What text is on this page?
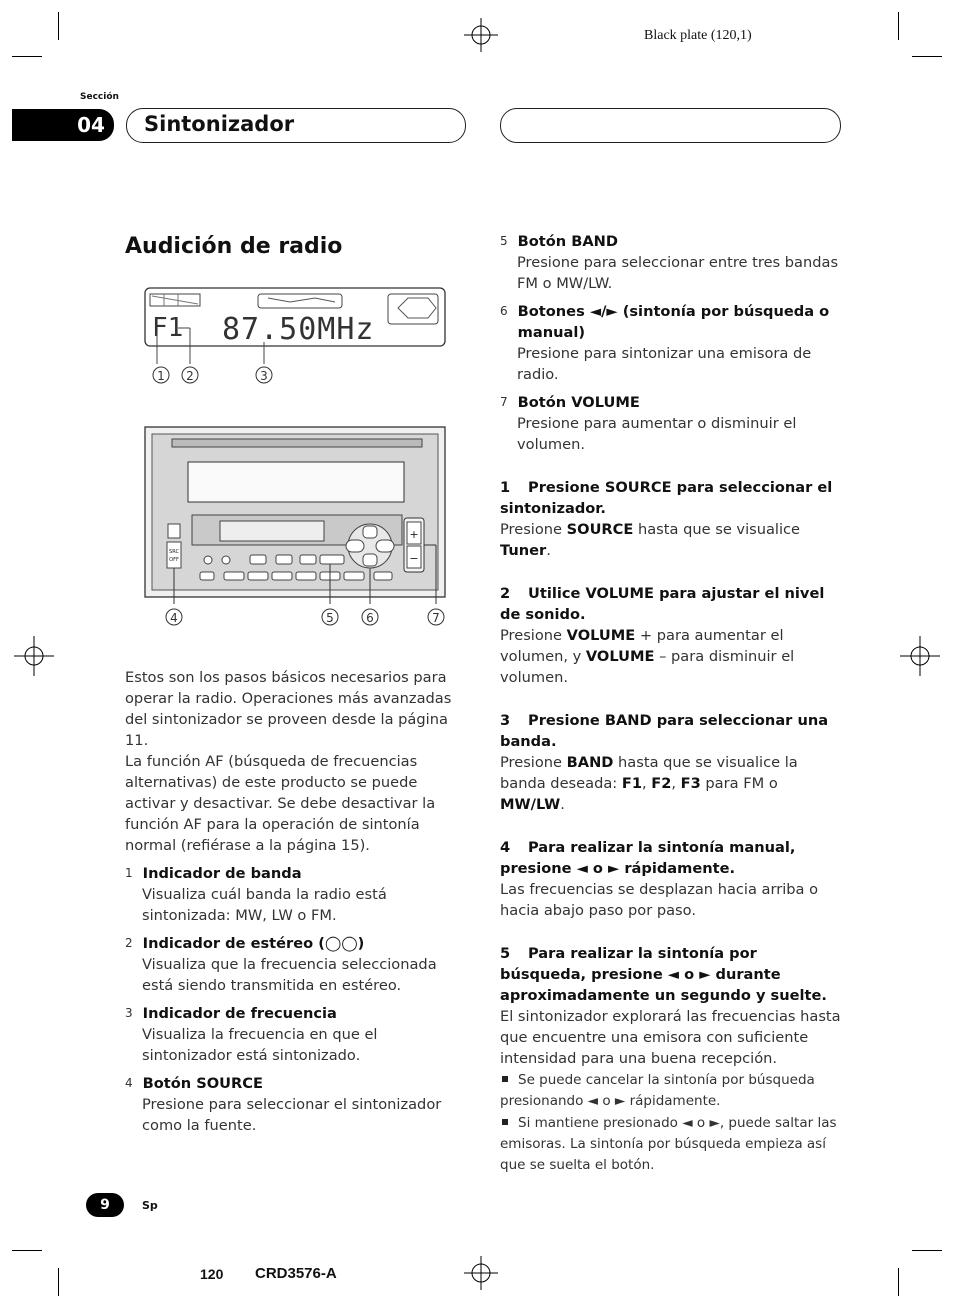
Black plate (120,1)
Sección
04 Sintonizador
Audición de radio
F1 87.50MHz
1 2	3
SRC
OFF
+
−
4	5	6	7

Estos son los pasos básicos necesarios para operar la radio. Operaciones más avanzadas del sintonizador se proveen desde la página 11.

La función AF (búsqueda de frecuencias alternativas) de este producto se puede activar y desactivar. Se debe desactivar la función AF para la operación de sintonía normal (refiérase a la página 15).

1 Indicador de banda
Visualiza cuál banda la radio está sintonizada: MW, LW o FM.
2 Indicador de estéreo (◯◯)
Visualiza que la frecuencia seleccionada está siendo transmitida en estéreo.
3 Indicador de frecuencia
Visualiza la frecuencia en que el sintonizador está sintonizado.
4 Botón SOURCE
Presione para seleccionar el sintonizador como la fuente.
5 Botón BAND
Presione para seleccionar entre tres bandas FM o MW/LW.
6 Botones ◄/► (sintonía por búsqueda o manual)
Presione para sintonizar una emisora de radio.
7 Botón VOLUME
Presione para aumentar o disminuir el volumen.
1 Presione SOURCE para seleccionar el sintonizador.
Presione SOURCE hasta que se visualice Tuner.
2 Utilice VOLUME para ajustar el nivel de sonido.
Presione VOLUME + para aumentar el volumen, y VOLUME – para disminuir el volumen.
3 Presione BAND para seleccionar una banda.
Presione BAND hasta que se visualice la banda deseada: F1, F2, F3 para FM o MW/LW.
4 Para realizar la sintonía manual, presione ◄ o ► rápidamente.
Las frecuencias se desplazan hacia arriba o hacia abajo paso por paso.
5 Para realizar la sintonía por búsqueda, presione ◄ o ► durante aproximadamente un segundo y suelte.
El sintonizador explorará las frecuencias hasta que encuentre una emisora con suficiente intensidad para una buena recepción.
Se puede cancelar la sintonía por búsqueda presionando ◄ o ► rápidamente.
Si mantiene presionado ◄ o ►, puede saltar las emisoras. La sintonía por búsqueda empieza así que se suelta el botón.
9	Sp
120 CRD3576-A
